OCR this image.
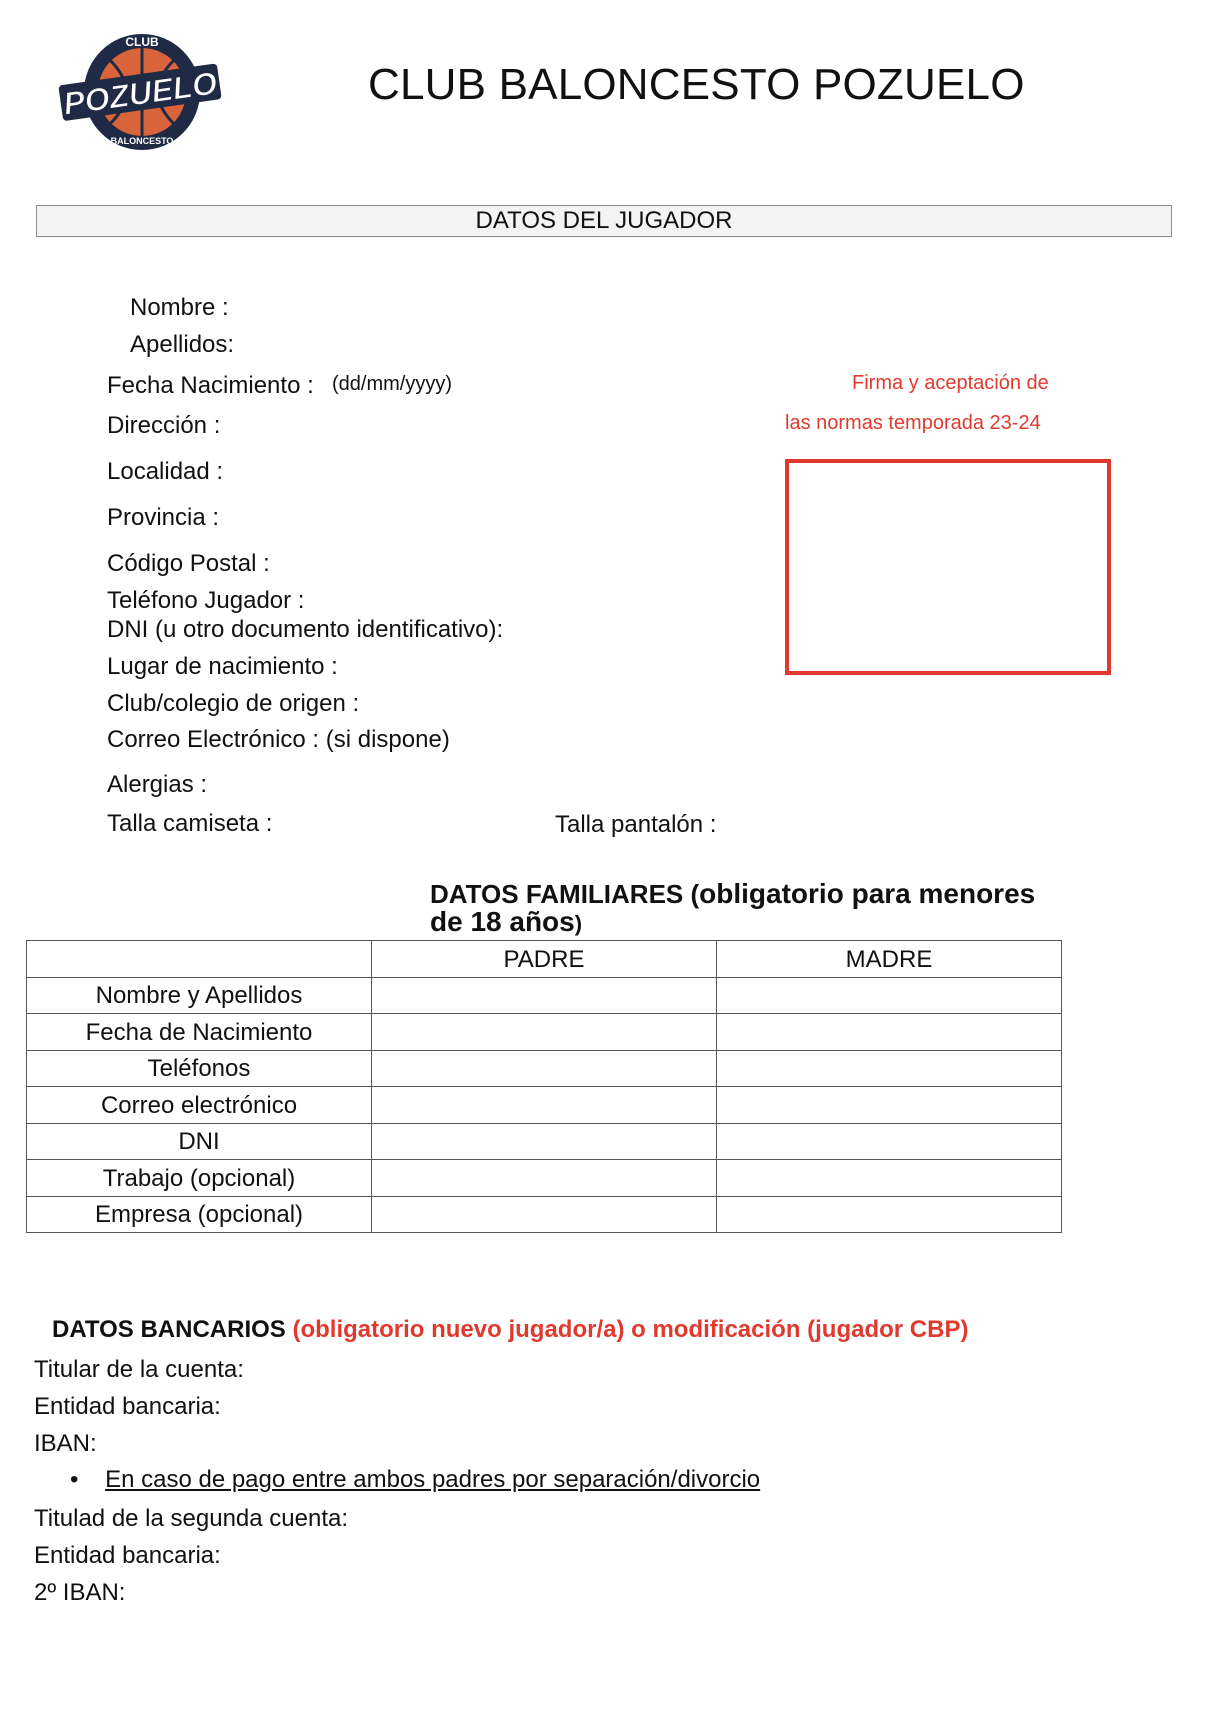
CLUB
POZUELO
BALONCESTO
CLUB BALONCESTO POZUELO
DATOS DEL JUGADOR
Nombre :
Apellidos:
Fecha Nacimiento : (dd/mm/yyyy)
Dirección :
Localidad :
Provincia :
Código Postal :
Teléfono Jugador :
DNI (u otro documento identificativo):
Lugar de nacimiento :
Club/colegio de origen :
Correo Electrónico : (si dispone)
Alergias :
Talla camiseta :	Talla pantalón :
Firma y aceptación de
las normas temporada 23-24
DATOS FAMILIARES (obligatorio para menores de 18 años)
	PADRE	MADRE
Nombre y Apellidos		
Fecha de Nacimiento		
Teléfonos		
Correo electrónico		
DNI		
Trabajo (opcional)		
Empresa (opcional)		
DATOS BANCARIOS (obligatorio nuevo jugador/a) o modificación (jugador CBP)
Titular de la cuenta:
Entidad bancaria:
IBAN:
• En caso de pago entre ambos padres por separación/divorcio
Titulad de la segunda cuenta:
Entidad bancaria:
2º IBAN:
